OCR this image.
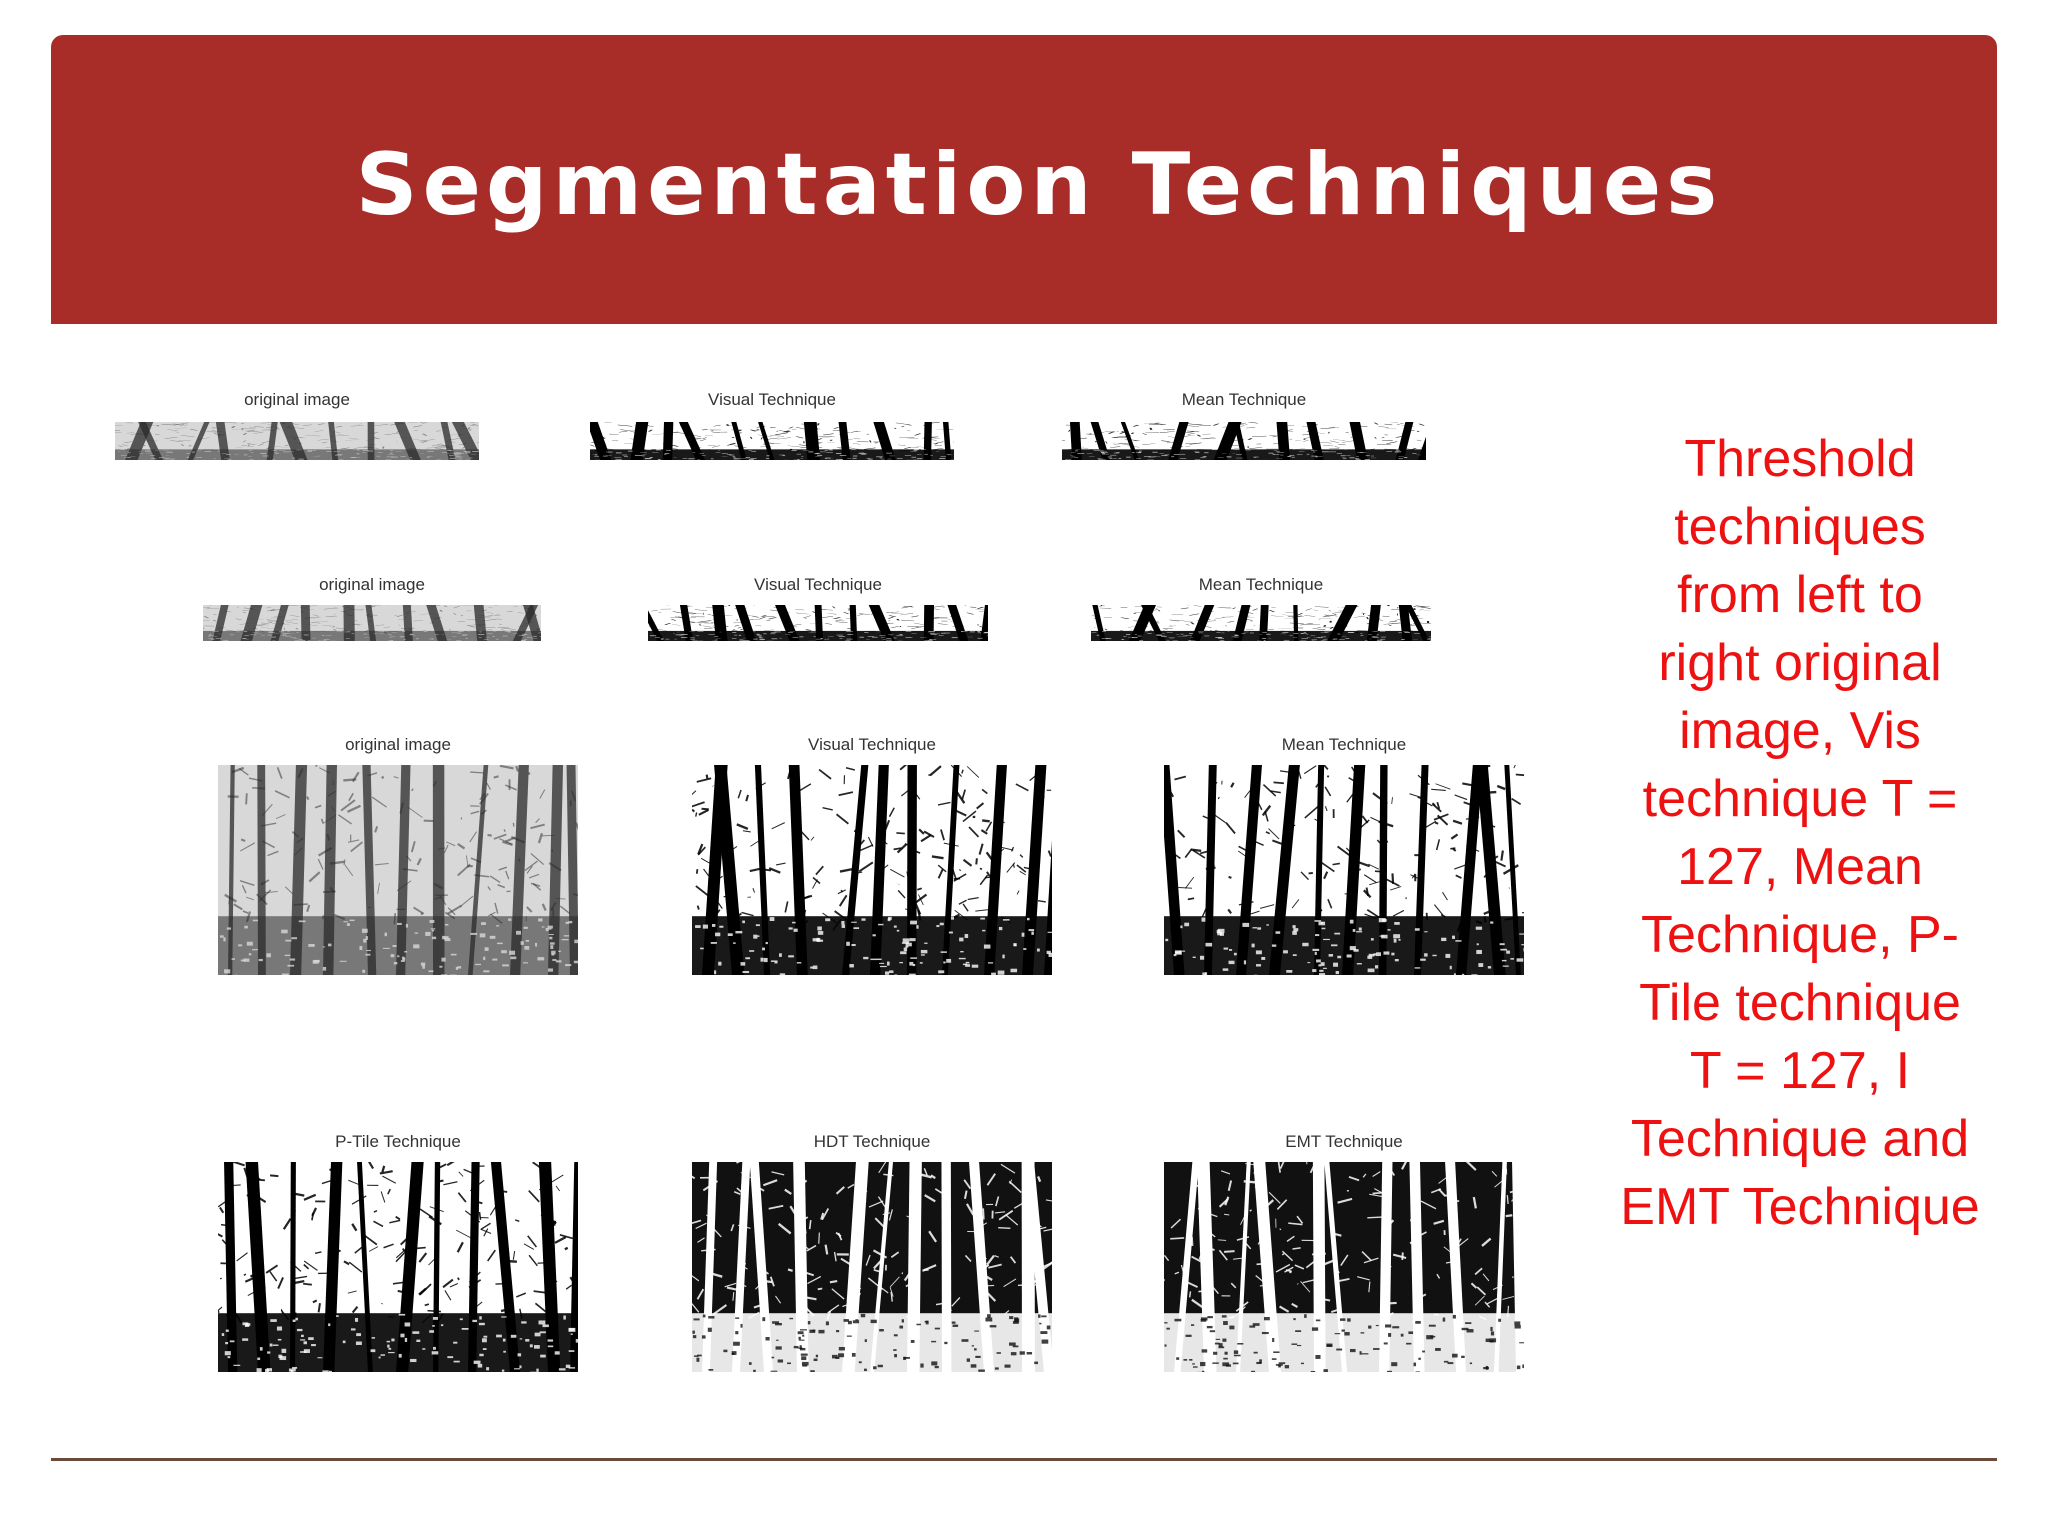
Segmentation Techniques
original image	Visual Technique	Mean Technique
original image	Visual Technique	Mean Technique
original image	Visual Technique	Mean Technique
P-Tile Technique	HDT Technique	EMT Technique
Threshold techniques from left to right original image, Vis technique T = 127, Mean Technique, P-Tile technique T = 127, I Technique and EMT Technique
